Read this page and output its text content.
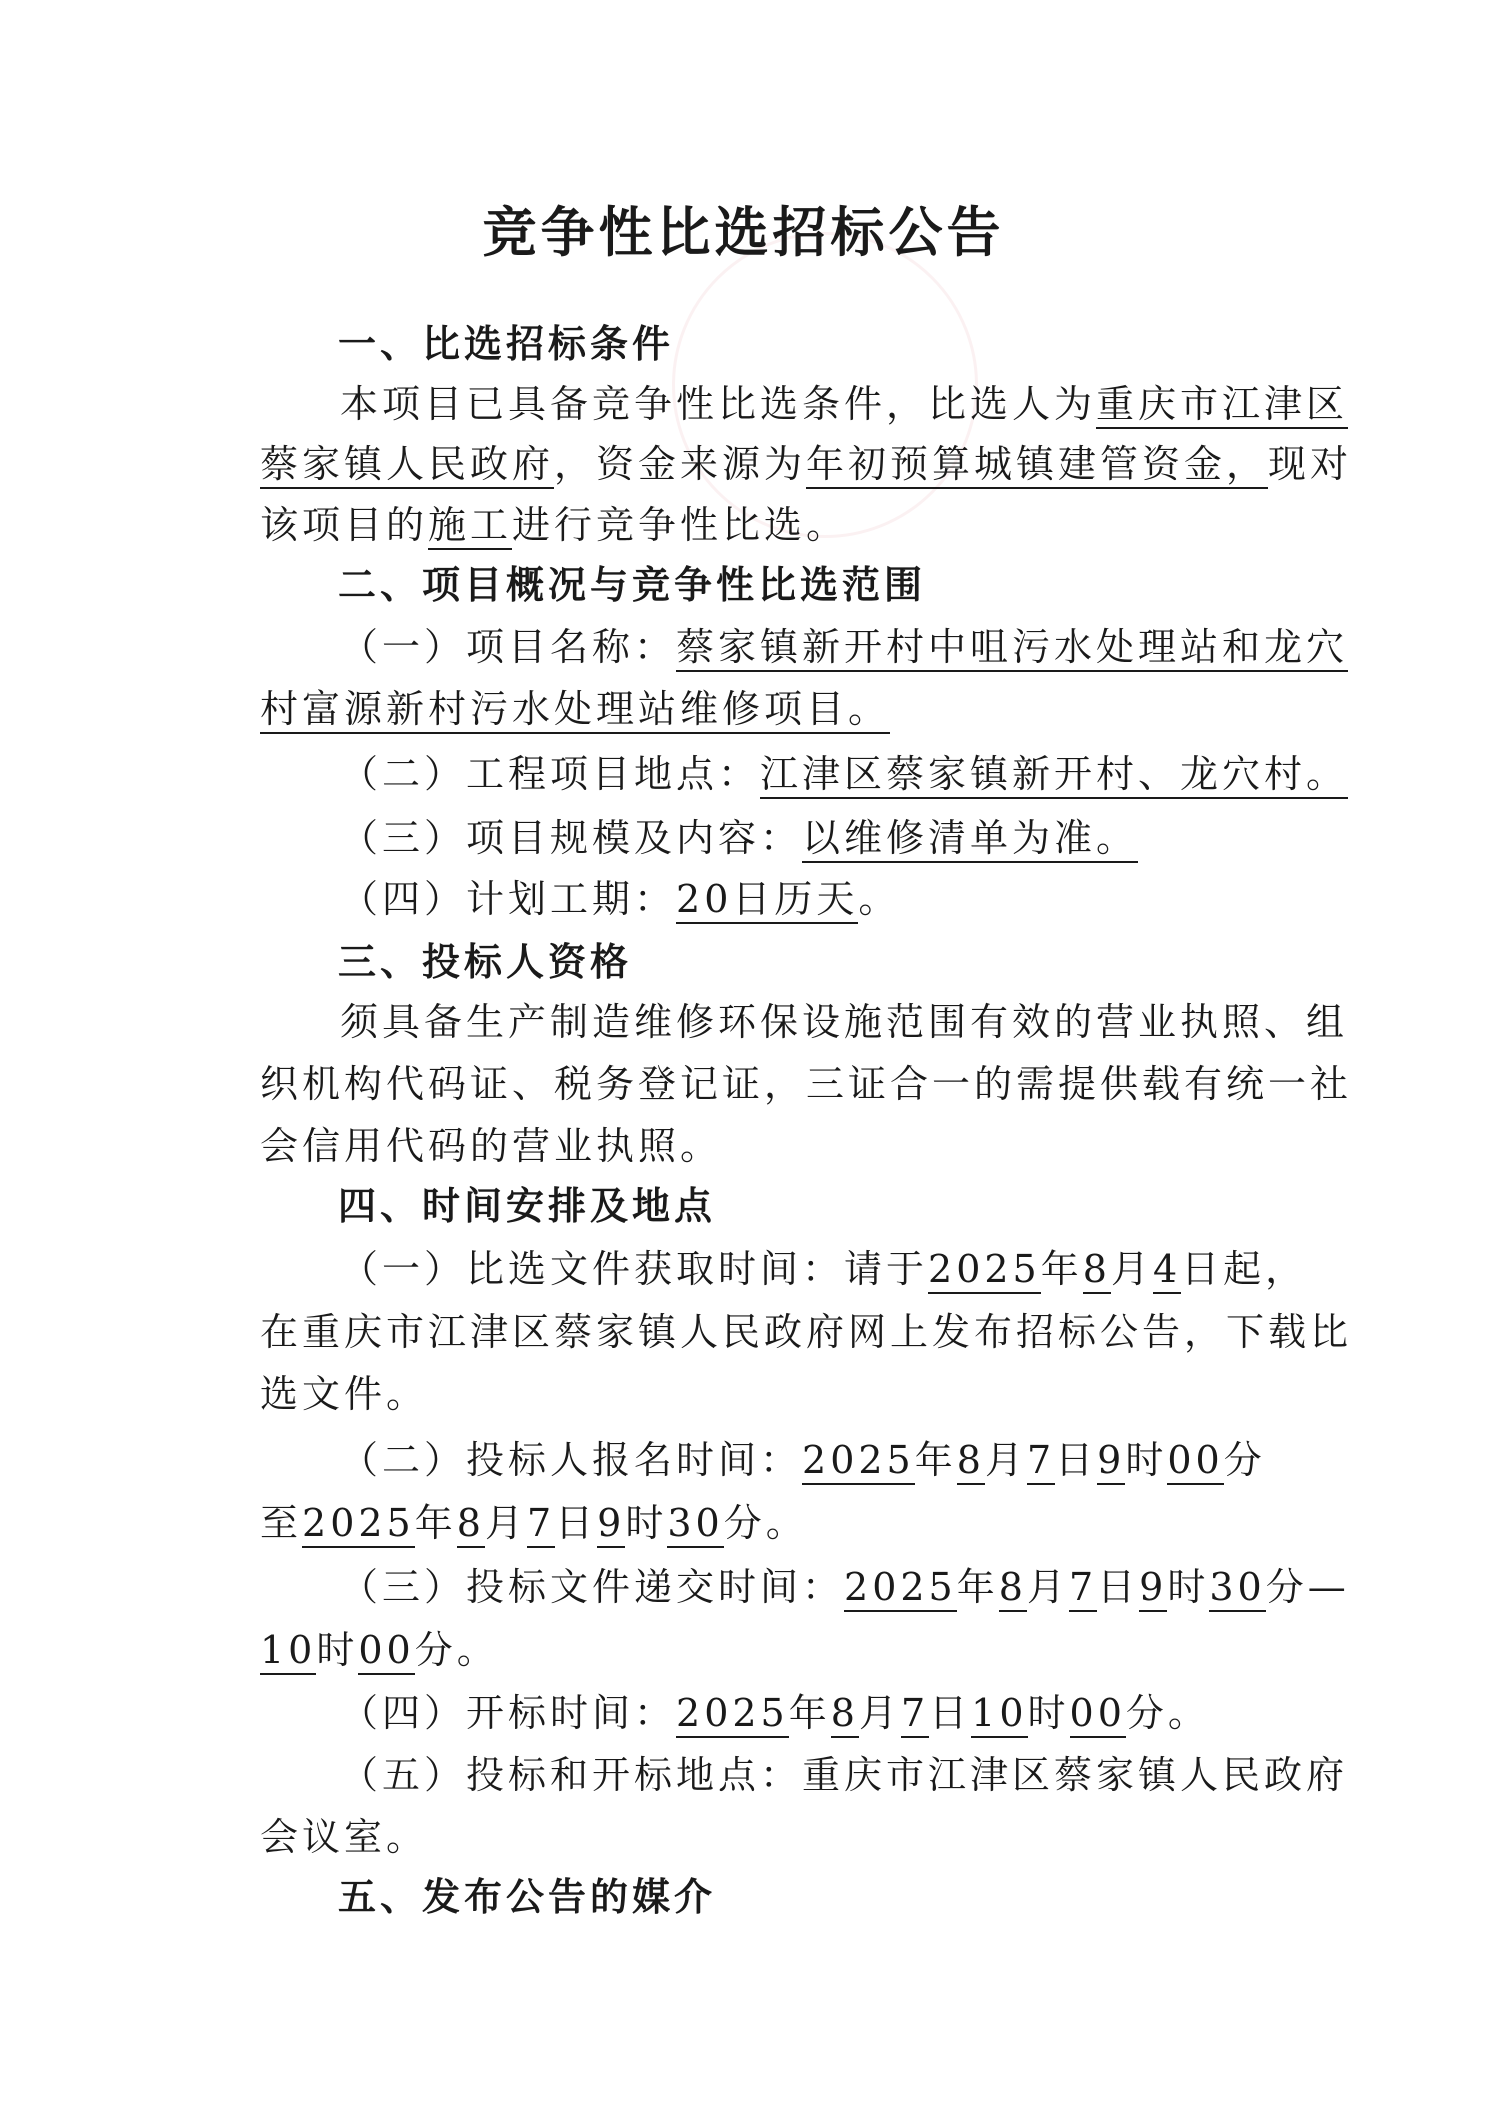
竞争性比选招标公告
一、比选招标条件
本项目已具备竞争性比选条件，比选人为重庆市江津区
蔡家镇人民政府，资金来源为年初预算城镇建管资金，现对
该项目的施工进行竞争性比选。
二、项目概况与竞争性比选范围
（一）项目名称：蔡家镇新开村中咀污水处理站和龙穴
村富源新村污水处理站维修项目。
（二）工程项目地点：江津区蔡家镇新开村、龙穴村。
（三）项目规模及内容：以维修清单为准。
（四）计划工期：20日历天。
三、投标人资格
须具备生产制造维修环保设施范围有效的营业执照、组
织机构代码证、税务登记证，三证合一的需提供载有统一社
会信用代码的营业执照。
四、时间安排及地点
（一）比选文件获取时间：请于2025年8月4日起，
在重庆市江津区蔡家镇人民政府网上发布招标公告，下载比
选文件。
（二）投标人报名时间：2025年8月7日9时00分
至2025年8月7日9时30分。
（三）投标文件递交时间：2025年8月7日9时30分—
10时00分。
（四）开标时间：2025年8月7日10时00分。
（五）投标和开标地点：重庆市江津区蔡家镇人民政府
会议室。
五、发布公告的媒介
